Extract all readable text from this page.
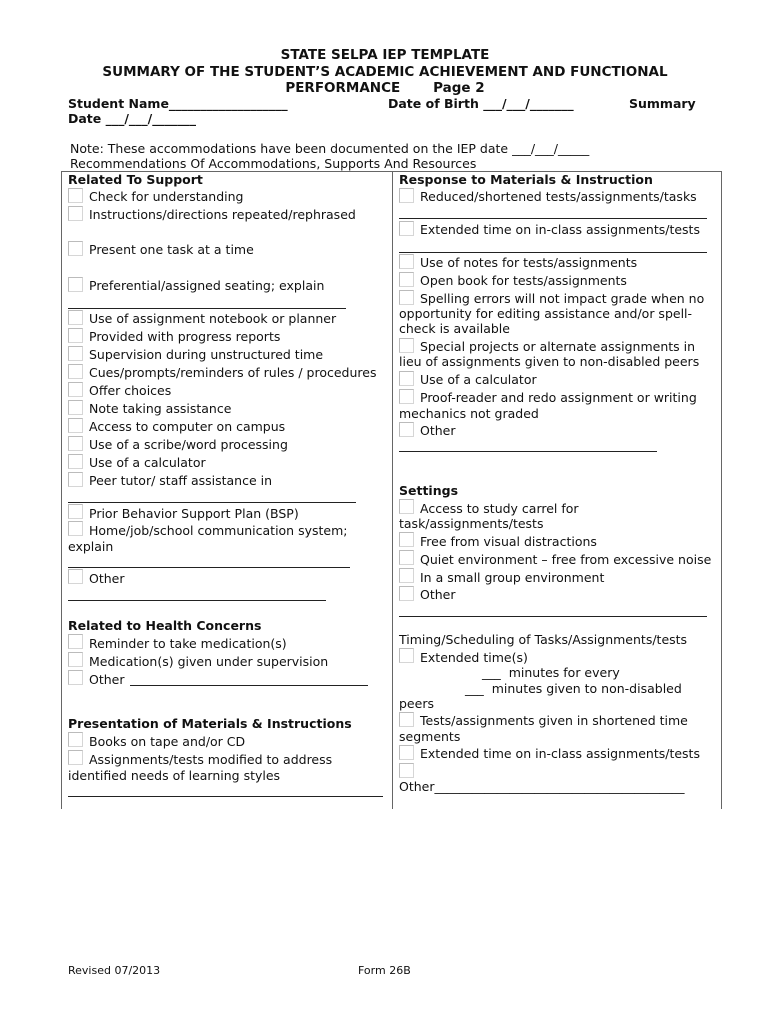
STATE SELPA IEP TEMPLATE
SUMMARY OF THE STUDENT’S ACADEMIC ACHIEVEMENT AND FUNCTIONAL
PERFORMANCE       Page 2
Student Name___________________	Date of Birth ___/___/_______	Summary
Date ___/___/_______
Note: These accommodations have been documented on the IEP date ___/___/_____
Recommendations Of Accommodations, Supports And Resources
Related To Support
Check for understanding
Instructions/directions repeated/rephrased
Present one task at a time
Preferential/assigned seating; explain
Use of assignment notebook or planner
Provided with progress reports
Supervision during unstructured time
Cues/prompts/reminders of rules / procedures
Offer choices
Note taking assistance
Access to computer on campus
Use of a scribe/word processing
Use of a calculator
Peer tutor/ staff assistance in
Prior Behavior Support Plan (BSP)
Home/job/school communication system;
explain
Other
Related to Health Concerns
Reminder to take medication(s)
Medication(s) given under supervision
Other
Presentation of Materials & Instructions
Books on tape and/or CD
Assignments/tests modified to address
identified needs of learning styles
Response to Materials & Instruction
Reduced/shortened tests/assignments/tasks
Extended time on in-class assignments/tests
Use of notes for tests/assignments
Open book for tests/assignments
Spelling errors will not impact grade when no
opportunity for editing assistance and/or spell-
check is available
Special projects or alternate assignments in
lieu of assignments given to non-disabled peers
Use of a calculator
Proof-reader and redo assignment or writing
mechanics not graded
Other
Settings
Access to study carrel for
task/assignments/tests
Free from visual distractions
Quiet environment – free from excessive noise
In a small group environment
Other
Timing/Scheduling of Tasks/Assignments/tests
Extended time(s)
___  minutes for every
___  minutes given to non-disabled
peers
Tests/assignments given in shortened time
segments
Extended time on in-class assignments/tests
Other________________________________________
Revised 07/2013	Form 26B
